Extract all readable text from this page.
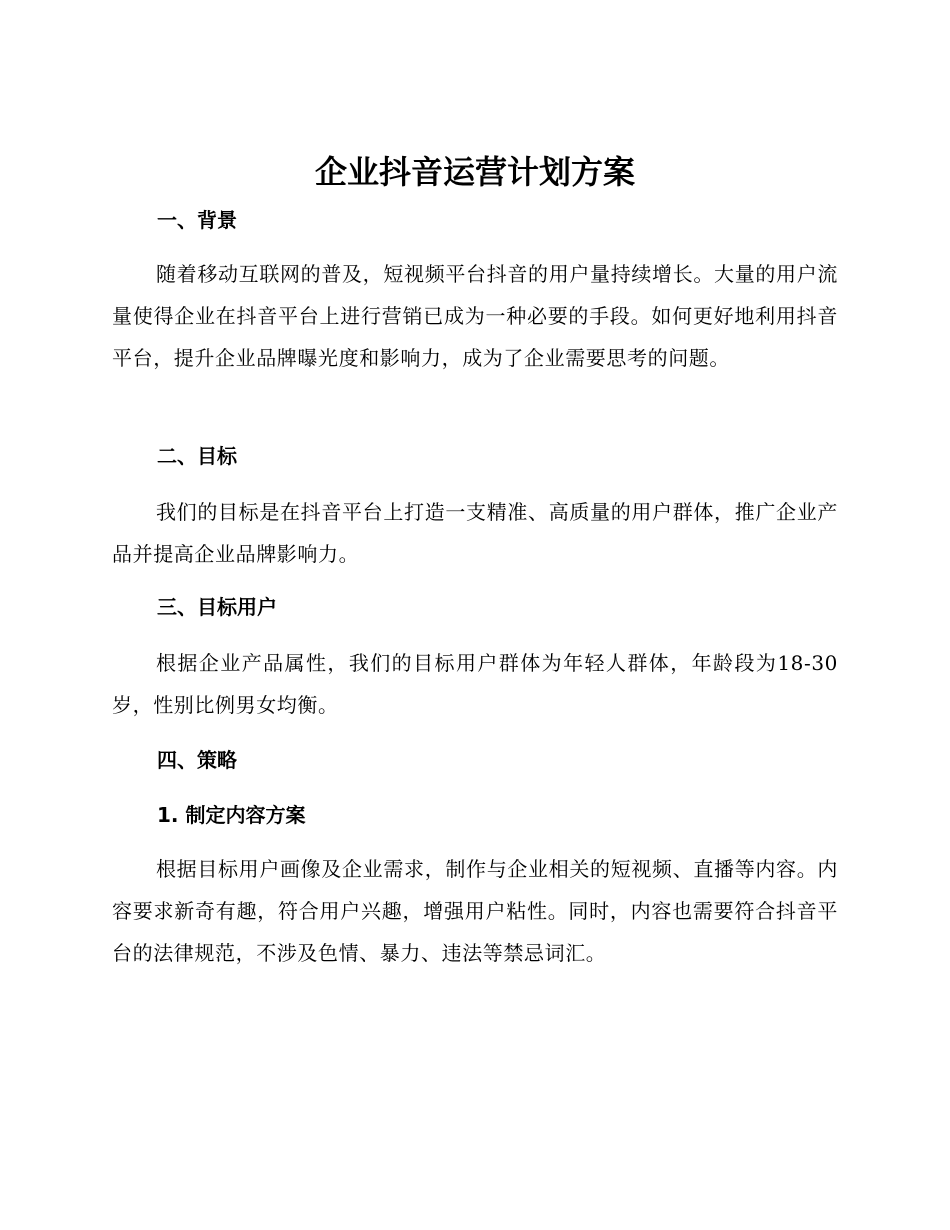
企业抖音运营计划方案
一、背景

随着移动互联网的普及，短视频平台抖音的用户量持续增长。大量的用户流量使得企业在抖音平台上进行营销已成为一种必要的手段。如何更好地利用抖音平台，提升企业品牌曝光度和影响力，成为了企业需要思考的问题。

二、目标

我们的目标是在抖音平台上打造一支精准、高质量的用户群体，推广企业产品并提高企业品牌影响力。

三、目标用户

根据企业产品属性，我们的目标用户群体为年轻人群体，年龄段为18-30岁，性别比例男女均衡。

四、策略
1. 制定内容方案

根据目标用户画像及企业需求，制作与企业相关的短视频、直播等内容。内容要求新奇有趣，符合用户兴趣，增强用户粘性。同时，内容也需要符合抖音平台的法律规范，不涉及色情、暴力、违法等禁忌词汇。
